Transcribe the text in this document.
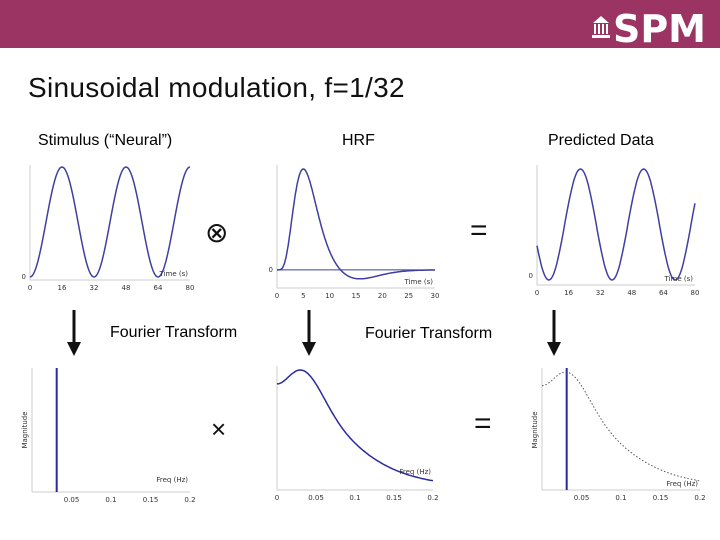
SPM
Sinusoidal modulation, f=1/32
Stimulus (“Neural”)	HRF	Predicted Data
⊗	=
×	=
Fourier Transform	Fourier Transform
0	Time (s)
0	16	32	48	64	80
0
Time (s)
0	5	10 15 20 25 30
0	Time (s)
0	16	32	48	64	80
Magnitude
Freq (Hz)
0.05	0.1	0.15	0.2
Freq (Hz)
0	0.05	0.1	0.15	0.2
Magnitude
Freq (Hz)
0.05	0.1	0.15	0.2
